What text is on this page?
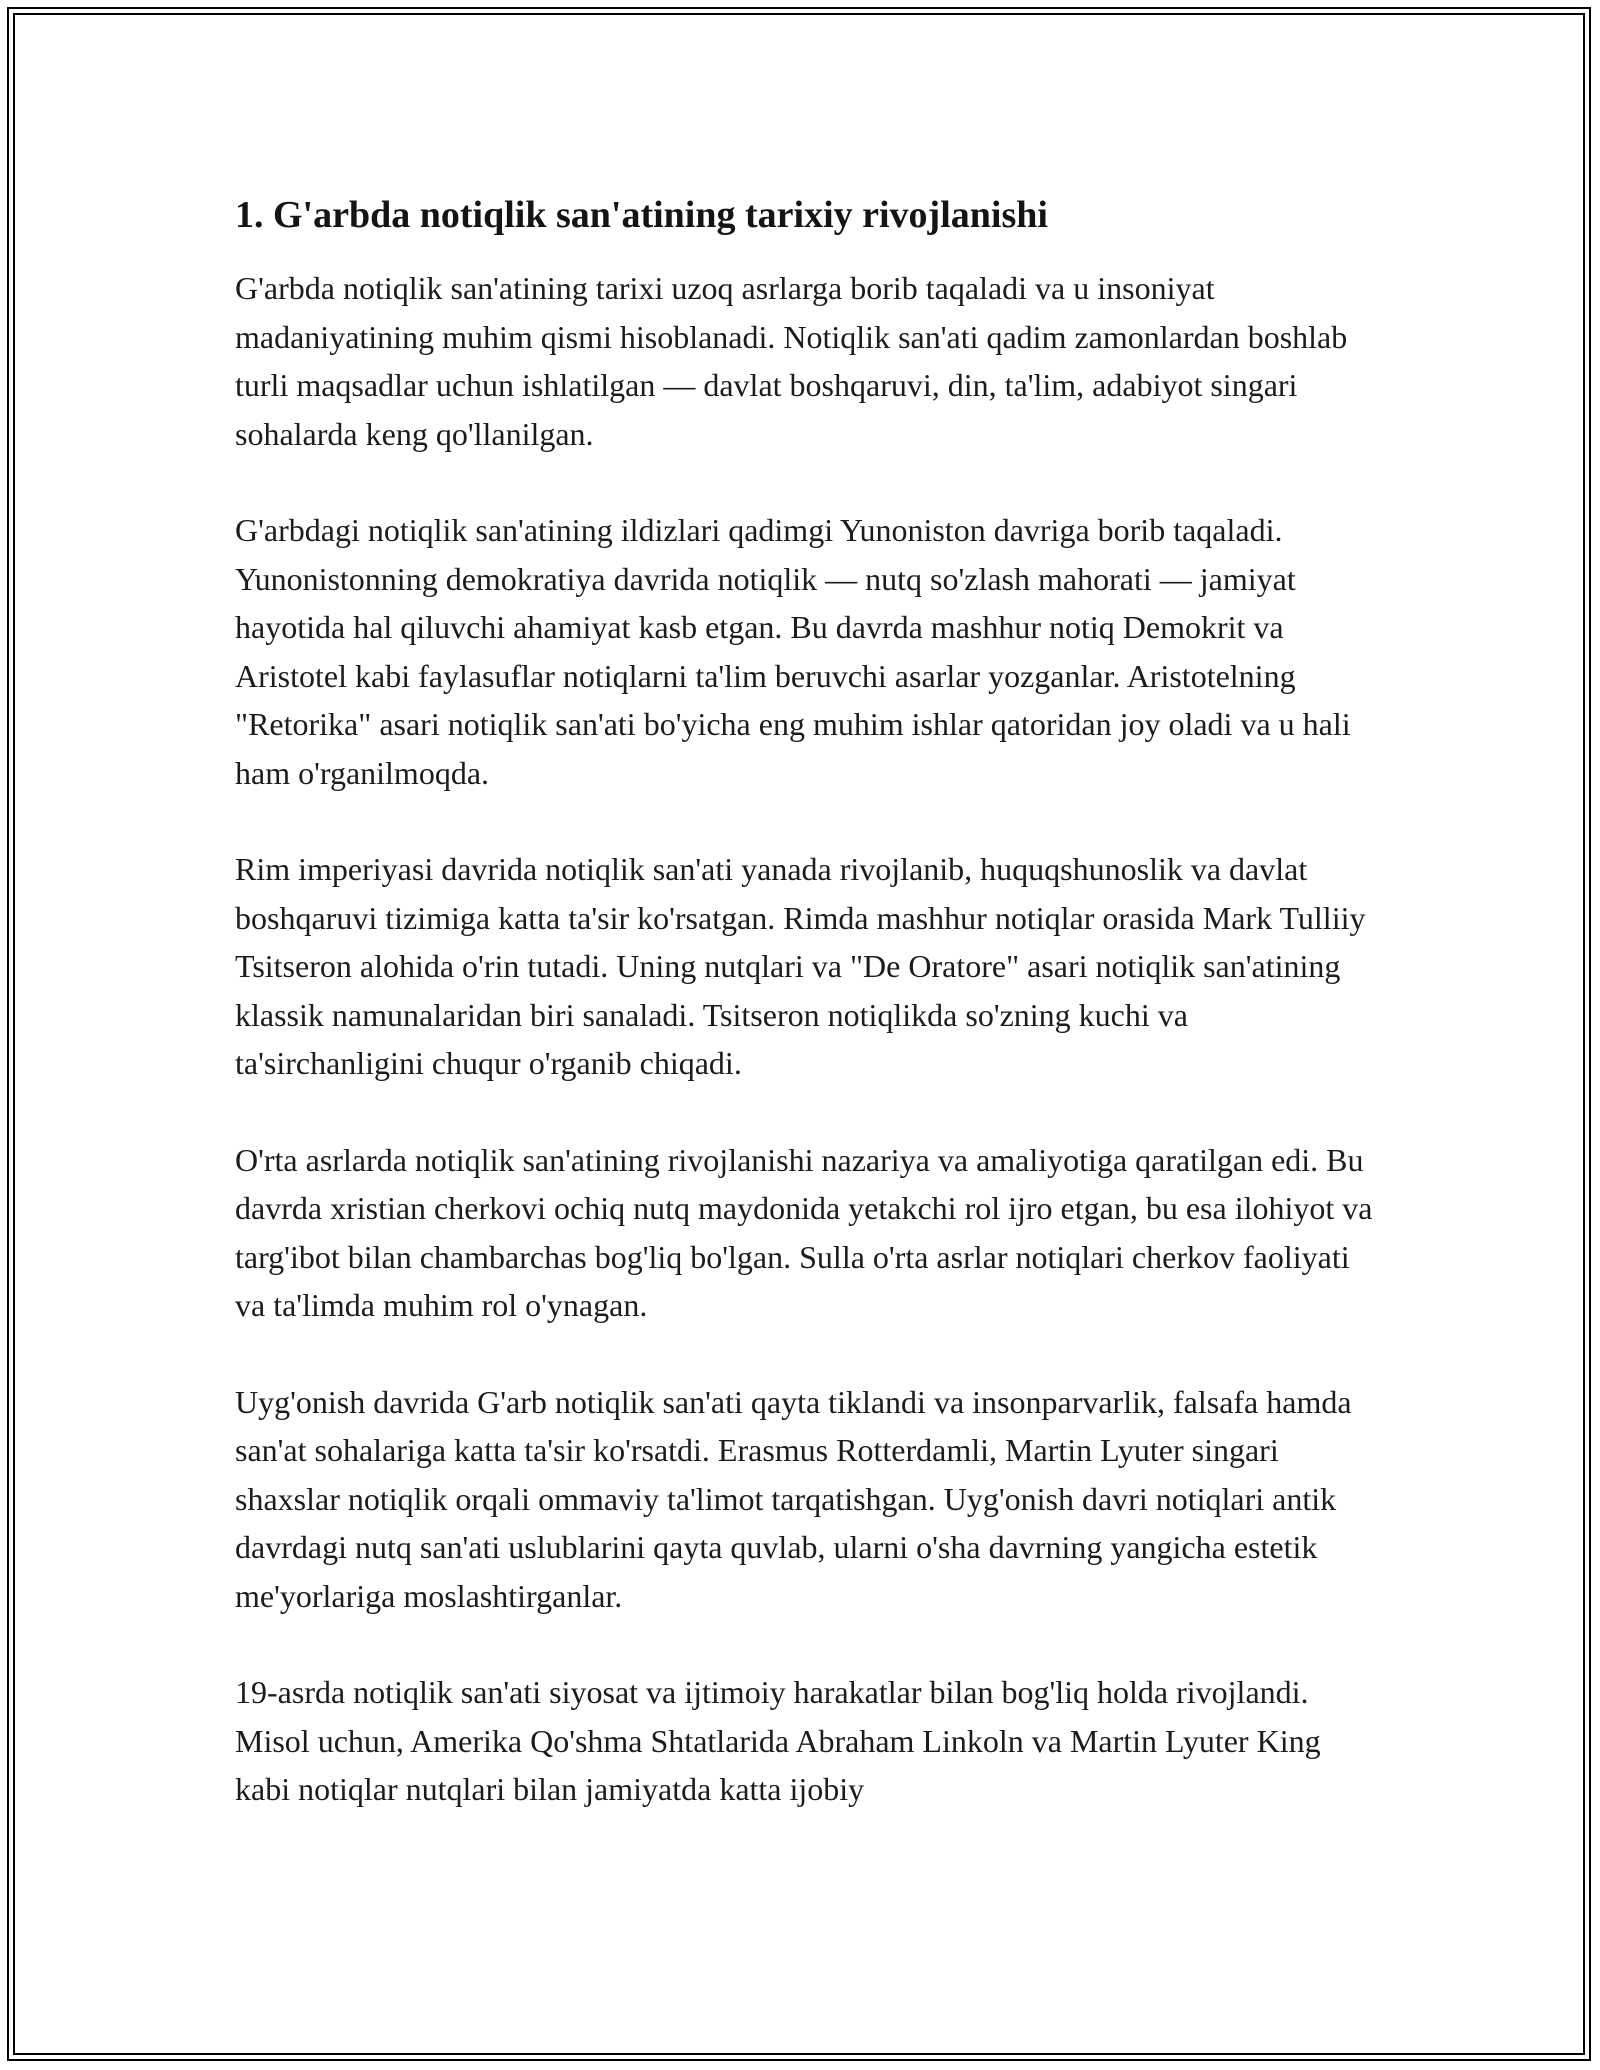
1. G'arbda notiqlik san'atining tarixiy rivojlanishi

G'arbda notiqlik san'atining tarixi uzoq asrlarga borib taqaladi va u insoniyat madaniyatining muhim qismi hisoblanadi. Notiqlik san'ati qadim zamonlardan boshlab turli maqsadlar uchun ishlatilgan — davlat boshqaruvi, din, ta'lim, adabiyot singari sohalarda keng qo'llanilgan.

G'arbdagi notiqlik san'atining ildizlari qadimgi Yunoniston davriga borib taqaladi. Yunonistonning demokratiya davrida notiqlik — nutq so'zlash mahorati — jamiyat hayotida hal qiluvchi ahamiyat kasb etgan. Bu davrda mashhur notiq Demokrit va Aristotel kabi faylasuflar notiqlarni ta'lim beruvchi asarlar yozganlar. Aristotelning "Retorika" asari notiqlik san'ati bo'yicha eng muhim ishlar qatoridan joy oladi va u hali ham o'rganilmoqda.

Rim imperiyasi davrida notiqlik san'ati yanada rivojlanib, huquqshunoslik va davlat boshqaruvi tizimiga katta ta'sir ko'rsatgan. Rimda mashhur notiqlar orasida Mark Tulliiy Tsitseron alohida o'rin tutadi. Uning nutqlari va "De Oratore" asari notiqlik san'atining klassik namunalaridan biri sanaladi. Tsitseron notiqlikda so'zning kuchi va ta'sirchanligini chuqur o'rganib chiqadi.

O'rta asrlarda notiqlik san'atining rivojlanishi nazariya va amaliyotiga qaratilgan edi. Bu davrda xristian cherkovi ochiq nutq maydonida yetakchi rol ijro etgan, bu esa ilohiyot va targ'ibot bilan chambarchas bog'liq bo'lgan. Sulla o'rta asrlar notiqlari cherkov faoliyati va ta'limda muhim rol o'ynagan.

Uyg'onish davrida G'arb notiqlik san'ati qayta tiklandi va insonparvarlik, falsafa hamda san'at sohalariga katta ta'sir ko'rsatdi. Erasmus Rotterdamli, Martin Lyuter singari shaxslar notiqlik orqali ommaviy ta'limot tarqatishgan. Uyg'onish davri notiqlari antik davrdagi nutq san'ati uslublarini qayta quvlab, ularni o'sha davrning yangicha estetik me'yorlariga moslashtirganlar.

19-asrda notiqlik san'ati siyosat va ijtimoiy harakatlar bilan bog'liq holda rivojlandi. Misol uchun, Amerika Qo'shma Shtatlarida Abraham Linkoln va Martin Lyuter King kabi notiqlar nutqlari bilan jamiyatda katta ijobiy
